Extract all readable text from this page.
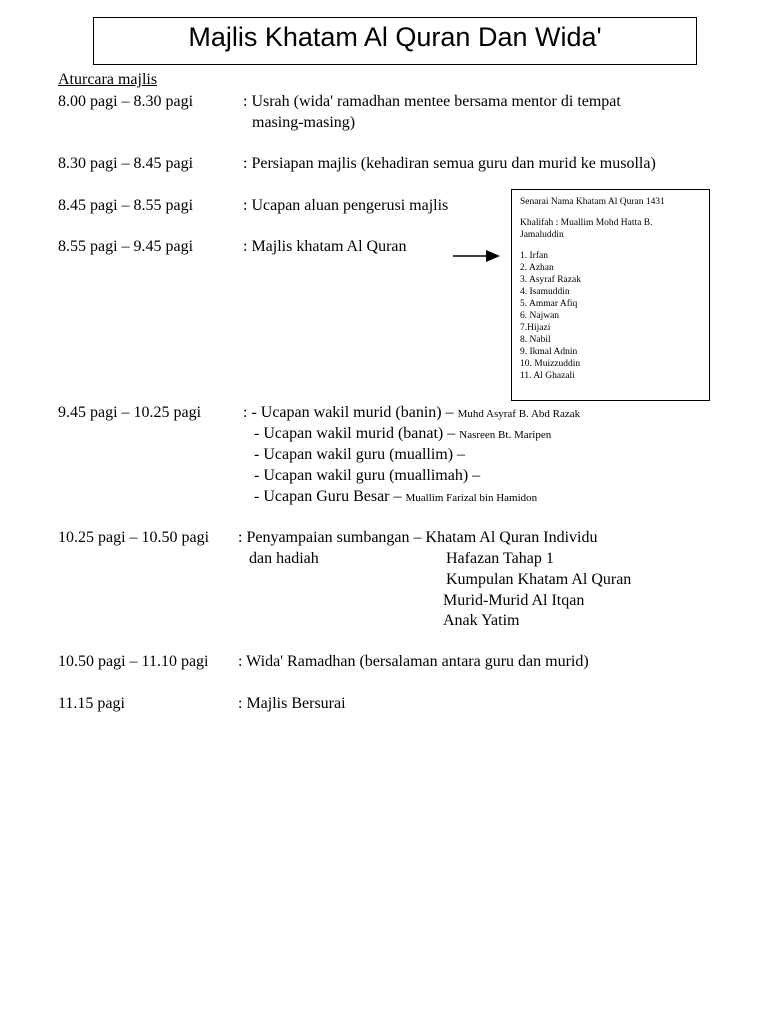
Majlis Khatam Al Quran Dan Wida'
Aturcara majlis
8.00 pagi – 8.30 pagi	: Usrah (wida' ramadhan mentee bersama mentor di tempat
masing-masing)
8.30 pagi – 8.45 pagi	: Persiapan majlis (kehadiran semua guru dan murid ke musolla)
8.45 pagi – 8.55 pagi	: Ucapan aluan pengerusi majlis
8.55 pagi – 9.45 pagi	: Majlis khatam Al Quran
Senarai Nama Khatam Al Quran 1431
Khalifah : Muallim Mohd Hatta B.
Jamaluddin
1. Irfan
2. Azhan
3. Asyraf Razak
4. Isamuddin
5. Ammar Afiq
6. Najwan
7.Hijazi
8. Nabil
9. Ikmal Adnin
10. Muizzuddin
11. Al Ghazali
9.45 pagi – 10.25 pagi	: - Ucapan wakil murid (banin) – Muhd Asyraf B. Abd Razak
- Ucapan wakil murid (banat) – Nasreen Bt. Maripen
- Ucapan wakil guru (muallim) –
- Ucapan wakil guru (muallimah) –
- Ucapan Guru Besar – Muallim Farizal bin Hamidon
10.25 pagi – 10.50 pagi : Penyampaian sumbangan – Khatam Al Quran Individu
dan hadiah	Hafazan Tahap 1
Kumpulan Khatam Al Quran
Murid-Murid Al Itqan
Anak Yatim
10.50 pagi – 11.10 pagi : Wida' Ramadhan (bersalaman antara guru dan murid)
11.15 pagi	: Majlis Bersurai
